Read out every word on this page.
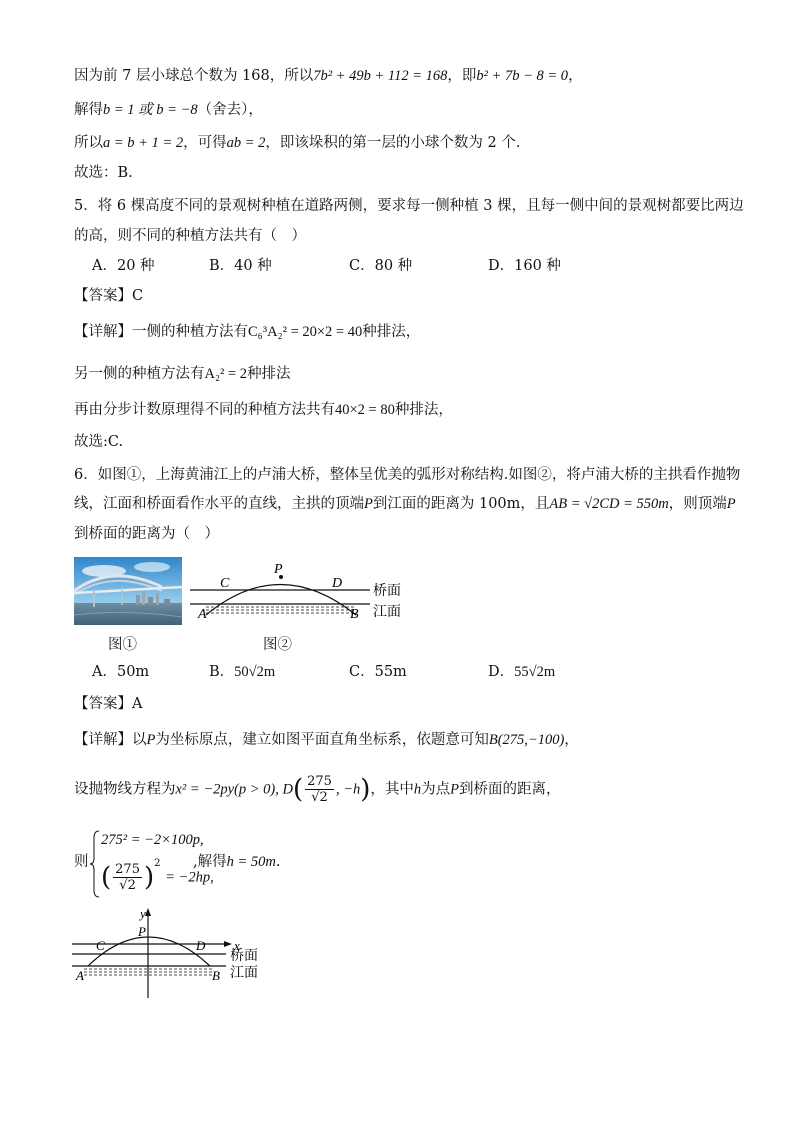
因为前 7 层小球总个数为 168，所以7b² + 49b + 112 = 168，即b² + 7b − 8 = 0，
解得b = 1 或 b = −8（舍去），
所以a = b + 1 = 2，可得ab = 2，即该垛积的第一层的小球个数为 2 个.
故选：B.
5．将 6 棵高度不同的景观树种植在道路两侧，要求每一侧种植 3 棵，且每一侧中间的景观树都要比两边
的高，则不同的种植方法共有（　）
A．20 种	B．40 种	C．80 种	D．160 种
【答案】C
【详解】一侧的种植方法有C₆³A₂² = 20×2 = 40种排法，
另一侧的种植方法有A₂² = 2种排法
再由分步计数原理得不同的种植方法共有40×2 = 80种排法，
故选:C.
6．如图①，上海黄浦江上的卢浦大桥，整体呈优美的弧形对称结构.如图②，将卢浦大桥的主拱看作抛物
线，江面和桥面看作水平的直线，主拱的顶端P到江面的距离为 100m，且AB = √2CD = 550m，则顶端P
到桥面的距离为（　）
图①
C
P
D
A	B
桥面
江面
图②
A．50m	B．50√2m	C．55m	D．55√2m
【答案】A
【详解】以P为坐标原点，建立如图平面直角坐标系，依题意可知B(275,−100)，
设抛物线方程为x² = −2py(p > 0), $D( \frac{275}{√2}$ , −h)，其中h为点P到桥面的距离，
则
275² = −2×100p,
( $\frac{275}{√2} )^2 = -2hp$,
,解得h = 50m.
y
x
P
C	D
A	B
桥面
江面
